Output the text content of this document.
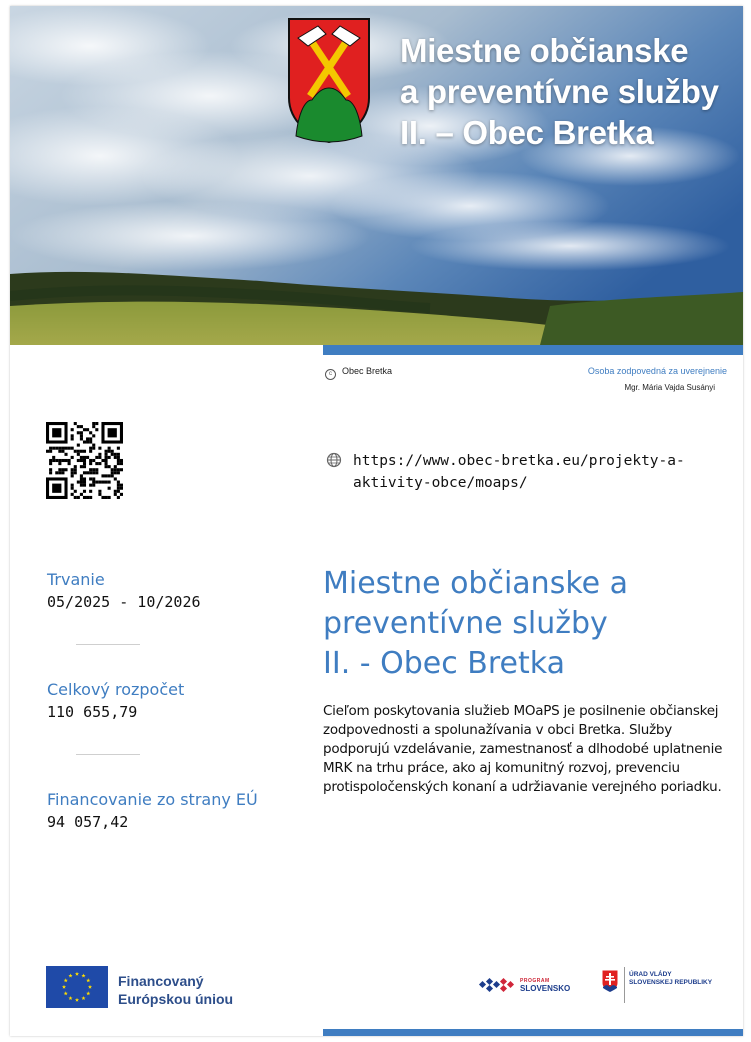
Miestne občianske
a preventívne služby
II. – Obec Bretka
c Obec Bretka	Osoba zodpovedná za uverejnenie
Mgr. Mária Vajda Susányi
https://www.obec-bretka.eu/projekty-a-
aktivity-obce/moaps/
Trvanie
05/2025 - 10/2026
Celkový rozpočet
110 655,79
Financovanie zo strany EÚ
94 057,42
Miestne občianske a
preventívne služby
II. - Obec Bretka
Cieľom poskytovania služieb MOaPS je posilnenie občianskej zodpovednosti a spolunažívania v obci Bretka. Služby podporujú vzdelávanie, zamestnanosť a dlhodobé uplatnenie MRK na trhu práce, ako aj komunitný rozvoj, prevenciu protispoločenských konaní a udržiavanie verejného poriadku.
Financovaný
Európskou úniou
PROGRAM
SLOVENSKO
ÚRAD VLÁDY
SLOVENSKEJ REPUBLIKY
